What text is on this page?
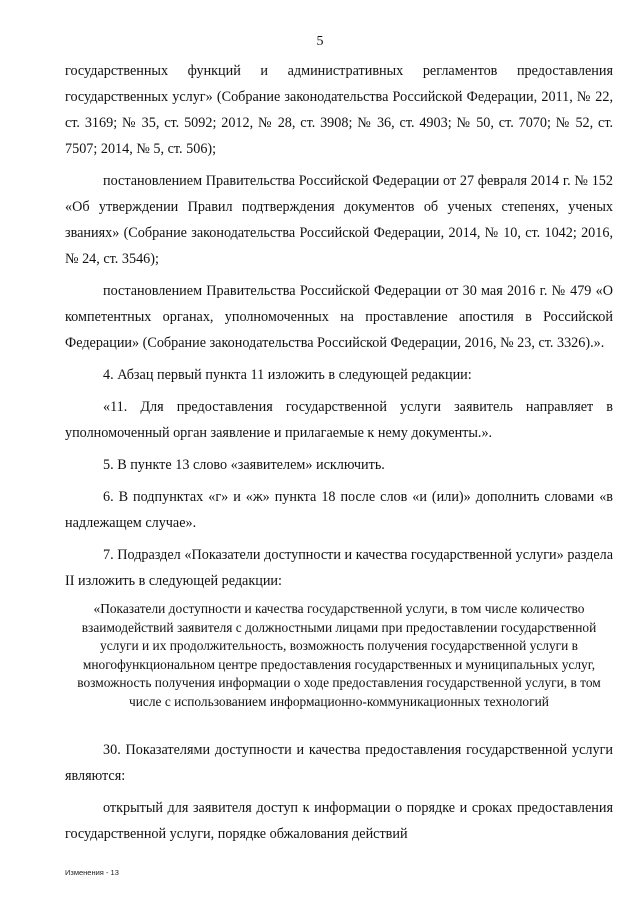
5

государственных функций и административных регламентов предоставления государственных услуг» (Собрание законодательства Российской Федерации, 2011, № 22, ст. 3169; № 35, ст. 5092; 2012, № 28, ст. 3908; № 36, ст. 4903; № 50, ст. 7070; № 52, ст. 7507; 2014, № 5, ст. 506);

постановлением Правительства Российской Федерации от 27 февраля 2014 г. № 152 «Об утверждении Правил подтверждения документов об ученых степенях, ученых званиях» (Собрание законодательства Российской Федерации, 2014, № 10, ст. 1042; 2016, № 24, ст. 3546);

постановлением Правительства Российской Федерации от 30 мая 2016 г. № 479 «О компетентных органах, уполномоченных на проставление апостиля в Российской Федерации» (Собрание законодательства Российской Федерации, 2016, № 23, ст. 3326).».

4. Абзац первый пункта 11 изложить в следующей редакции:

«11. Для предоставления государственной услуги заявитель направляет в уполномоченный орган заявление и прилагаемые к нему документы.».

5. В пункте 13 слово «заявителем» исключить.

6. В подпунктах «г» и «ж» пункта 18 после слов «и (или)» дополнить словами «в надлежащем случае».

7. Подраздел «Показатели доступности и качества государственной услуги» раздела II изложить в следующей редакции:

«Показатели доступности и качества государственной услуги, в том числе количество взаимодействий заявителя с должностными лицами при предоставлении государственной услуги и их продолжительность, возможность получения государственной услуги в многофункциональном центре предоставления государственных и муниципальных услуг, возможность получения информации о ходе предоставления государственной услуги, в том числе с использованием информационно-коммуникационных технологий

30. Показателями доступности и качества предоставления государственной услуги являются:

открытый для заявителя доступ к информации о порядке и сроках предоставления государственной услуги, порядке обжалования действий

Изменения - 13
